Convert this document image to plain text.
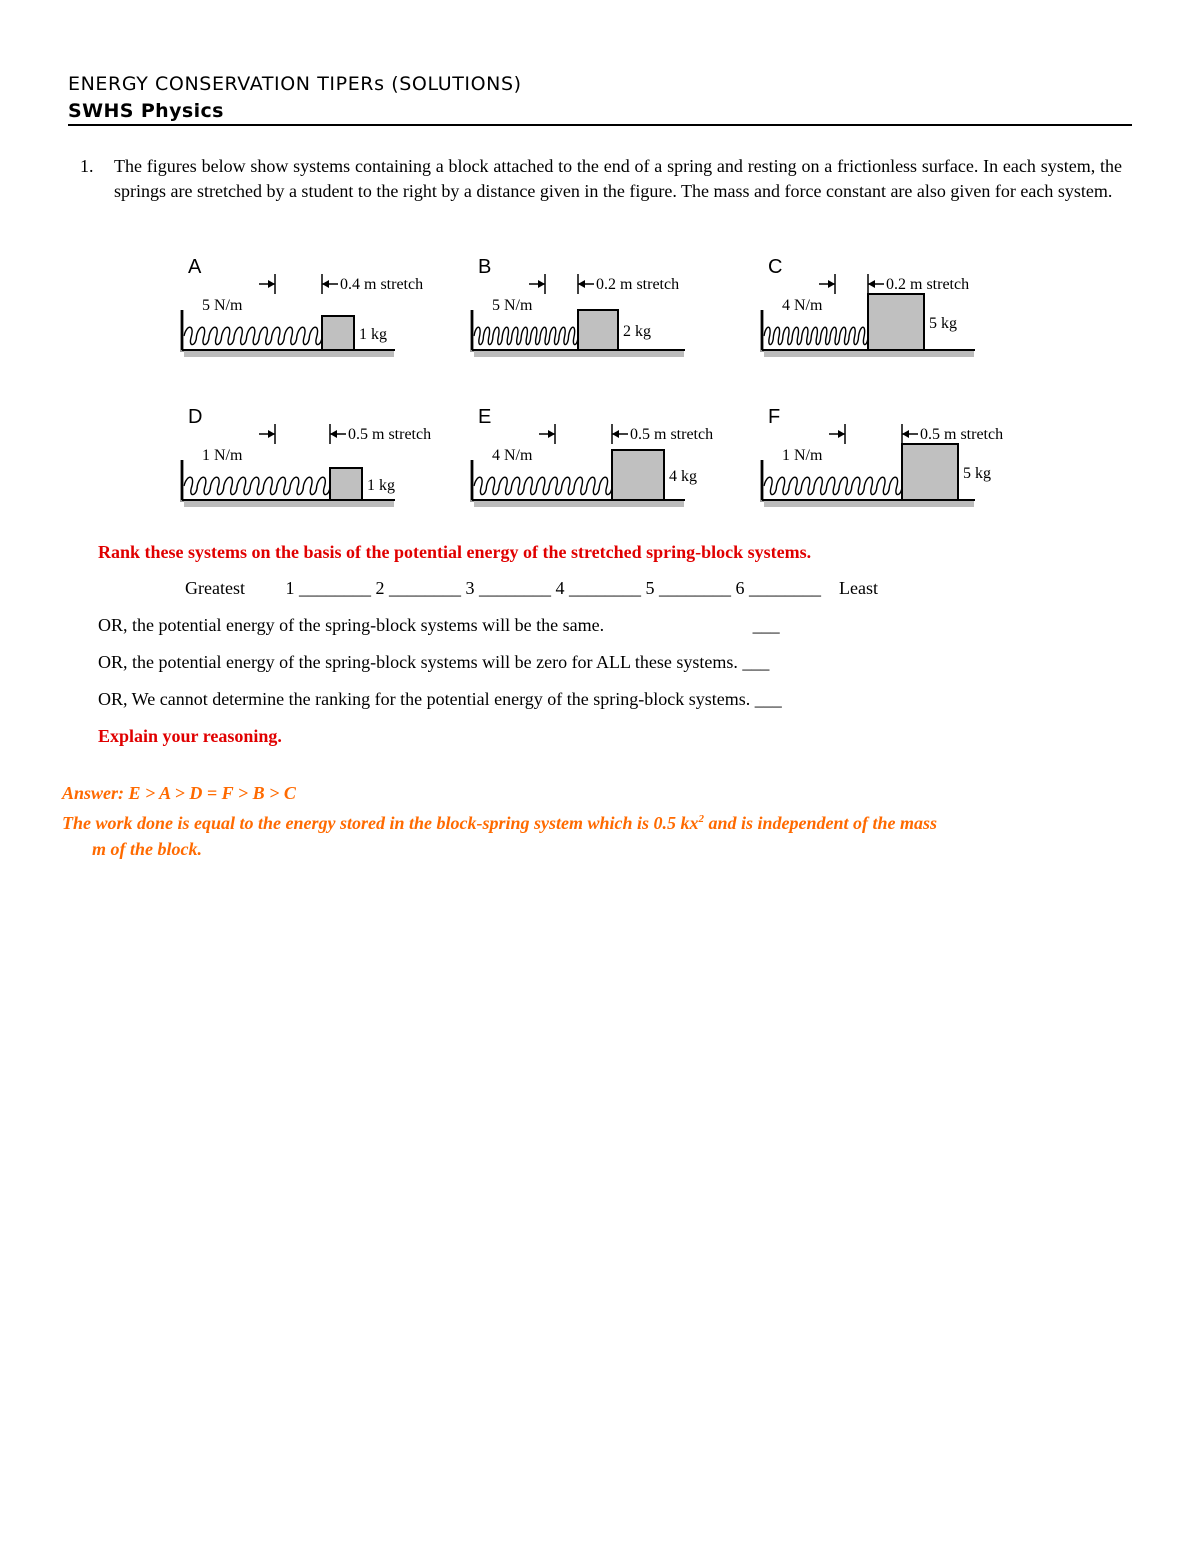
ENERGY CONSERVATION TIPERs (SOLUTIONS)
SWHS Physics
1. The figures below show systems containing a block attached to the end of a spring and resting on a frictionless surface. In each system, the springs are stretched by a student to the right by a distance given in the figure. The mass and force constant are also given for each system.
A
1 kg
0.4 m stretch
5 N/m
B
2 kg
0.2 m stretch
5 N/m
C
5 kg
0.2 m stretch
4 N/m
D
1 kg
0.5 m stretch
1 N/m
E
4 kg
0.5 m stretch
4 N/m
F
5 kg
0.5 m stretch
1 N/m
Rank these systems on the basis of the potential energy of the stretched spring-block systems.
Greatest         1 ________ 2 ________ 3 ________ 4 ________ 5 ________ 6 ________    Least
OR, the potential energy of the spring-block systems will be the same.                                 ___
OR, the potential energy of the spring-block systems will be zero for ALL these systems. ___
OR, We cannot determine the ranking for the potential energy of the spring-block systems. ___
Explain your reasoning.
Answer: E > A > D = F > B > C
The work done is equal to the energy stored in the block-spring system which is 0.5 $kx^2$ and is independent of the mass
m of the block.
